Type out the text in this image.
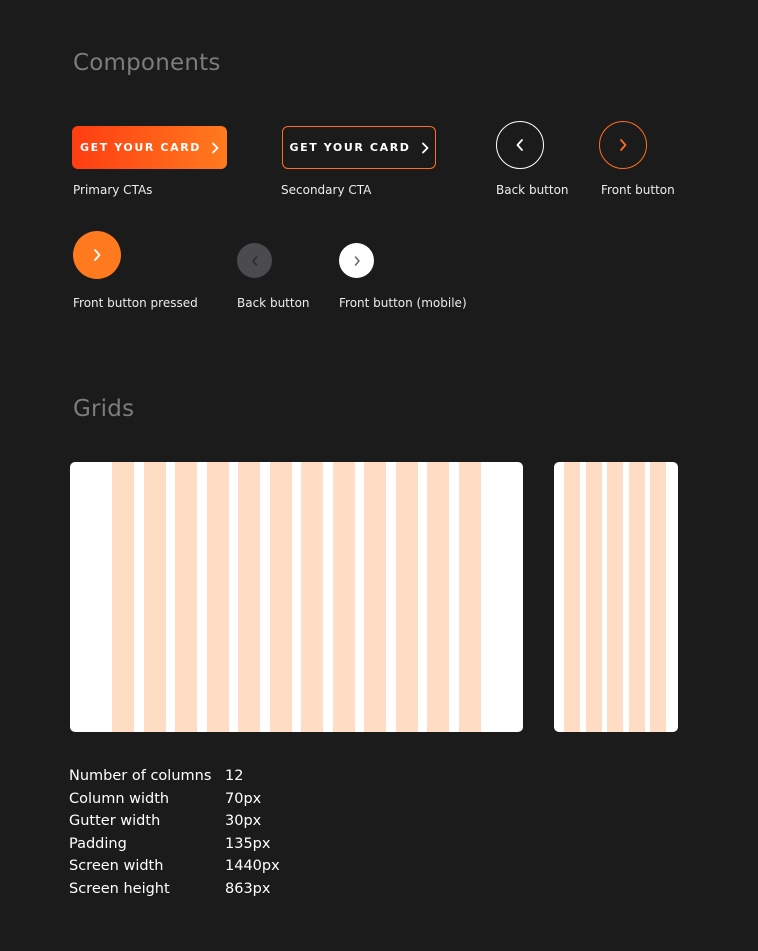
Components
GET YOUR CARD
Primary CTAs
GET YOUR CARD
Secondary CTA	Back button	Front button
Front button pressed	Back button Front button (mobile)
Grids
Number of columns 12
Column width	70px
Gutter width	30px
Padding	135px
Screen width	1440px
Screen height	863px
